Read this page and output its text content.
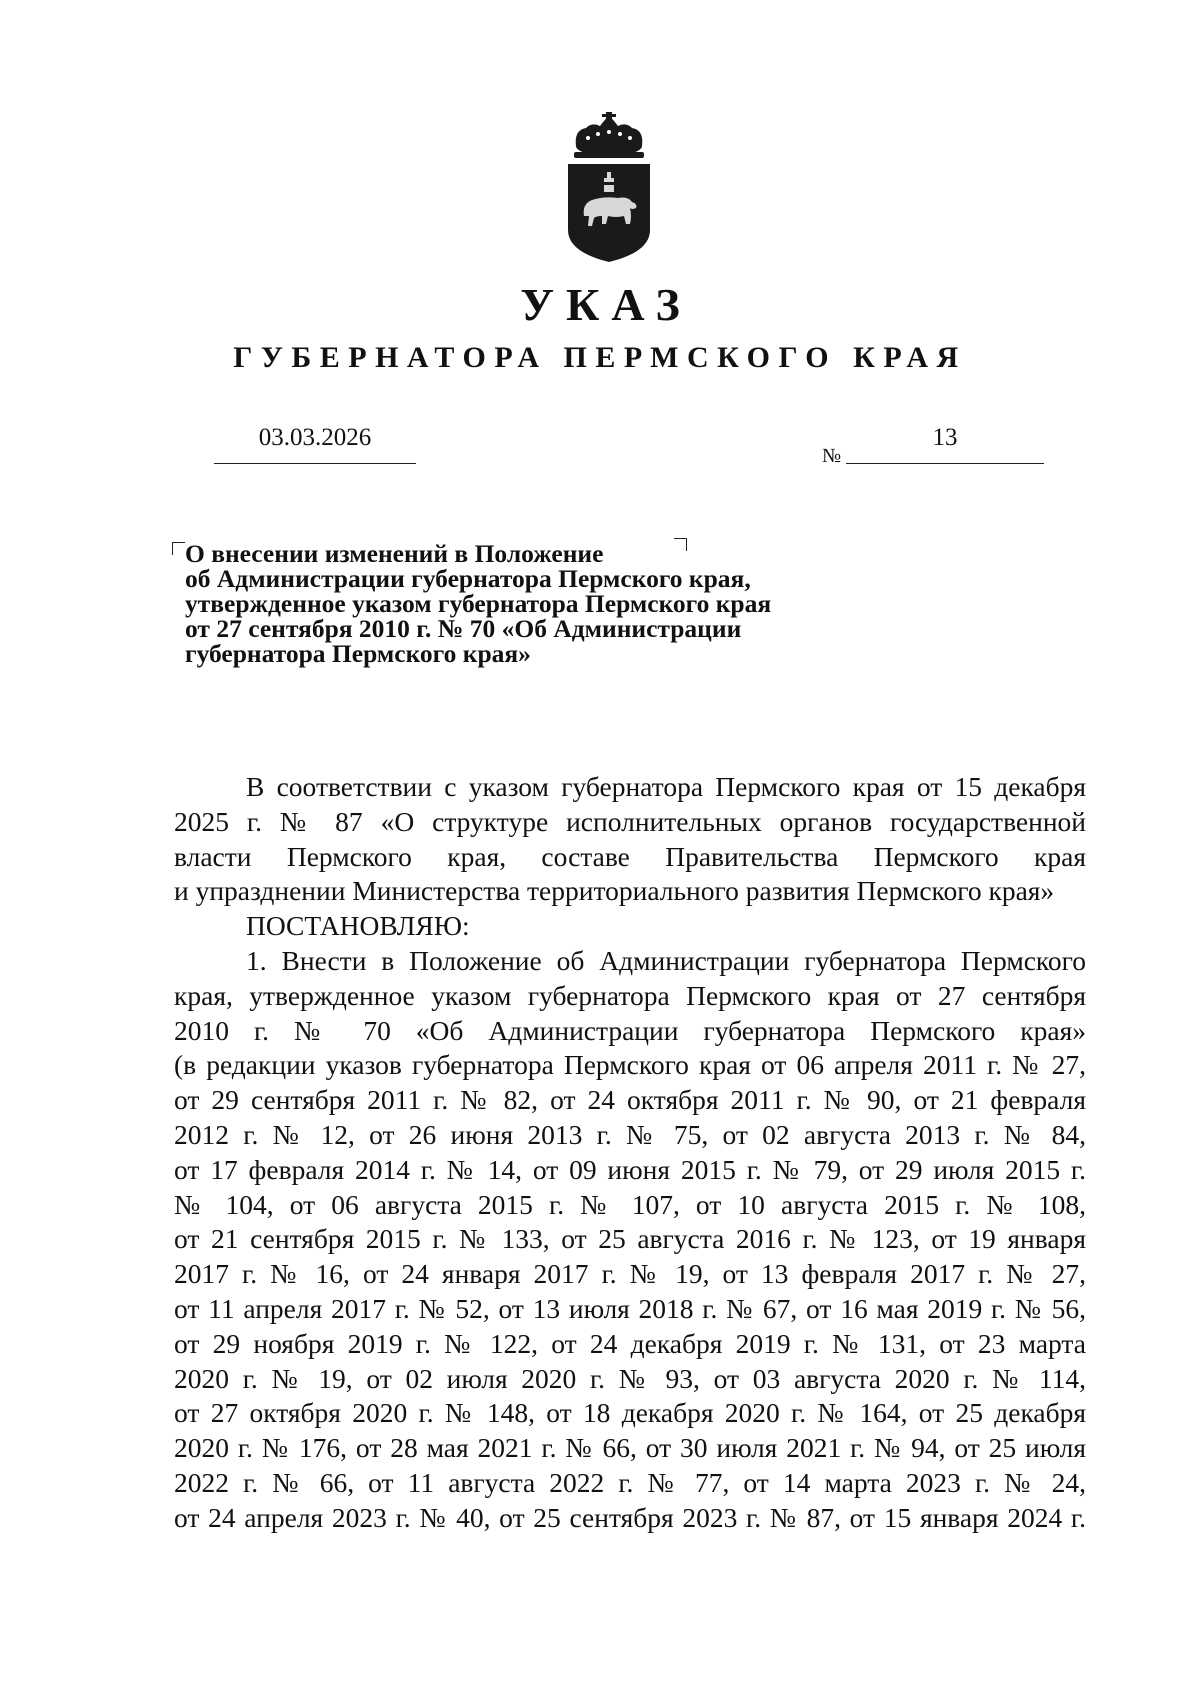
УКАЗ
ГУБЕРНАТОРА ПЕРМСКОГО КРАЯ
03.03.2026
№
13
О внесении изменений в Положение
об Администрации губернатора Пермского края,
утвержденное указом губернатора Пермского края
от 27 сентября 2010 г. № 70 «Об Администрации
губернатора Пермского края»
В соответствии с указом губернатора Пермского края от 15 декабря
2025 г. № 87 «О структуре исполнительных органов государственной
власти Пермского края, составе Правительства Пермского края
и упразднении Министерства территориального развития Пермского края»
ПОСТАНОВЛЯЮ:
1. Внести в Положение об Администрации губернатора Пермского
края, утвержденное указом губернатора Пермского края от 27 сентября
2010 г. № 70 «Об Администрации губернатора Пермского края»
(в редакции указов губернатора Пермского края от 06 апреля 2011 г. № 27,
от 29 сентября 2011 г. № 82, от 24 октября 2011 г. № 90, от 21 февраля
2012 г. № 12, от 26 июня 2013 г. № 75, от 02 августа 2013 г. № 84,
от 17 февраля 2014 г. № 14, от 09 июня 2015 г. № 79, от 29 июля 2015 г.
№ 104, от 06 августа 2015 г. № 107, от 10 августа 2015 г. № 108,
от 21 сентября 2015 г. № 133, от 25 августа 2016 г. № 123, от 19 января
2017 г. № 16, от 24 января 2017 г. № 19, от 13 февраля 2017 г. № 27,
от 11 апреля 2017 г. № 52, от 13 июля 2018 г. № 67, от 16 мая 2019 г. № 56,
от 29 ноября 2019 г. № 122, от 24 декабря 2019 г. № 131, от 23 марта
2020 г. № 19, от 02 июля 2020 г. № 93, от 03 августа 2020 г. № 114,
от 27 октября 2020 г. № 148, от 18 декабря 2020 г. № 164, от 25 декабря
2020 г. № 176, от 28 мая 2021 г. № 66, от 30 июля 2021 г. № 94, от 25 июля
2022 г. № 66, от 11 августа 2022 г. № 77, от 14 марта 2023 г. № 24,
от 24 апреля 2023 г. № 40, от 25 сентября 2023 г. № 87, от 15 января 2024 г.
